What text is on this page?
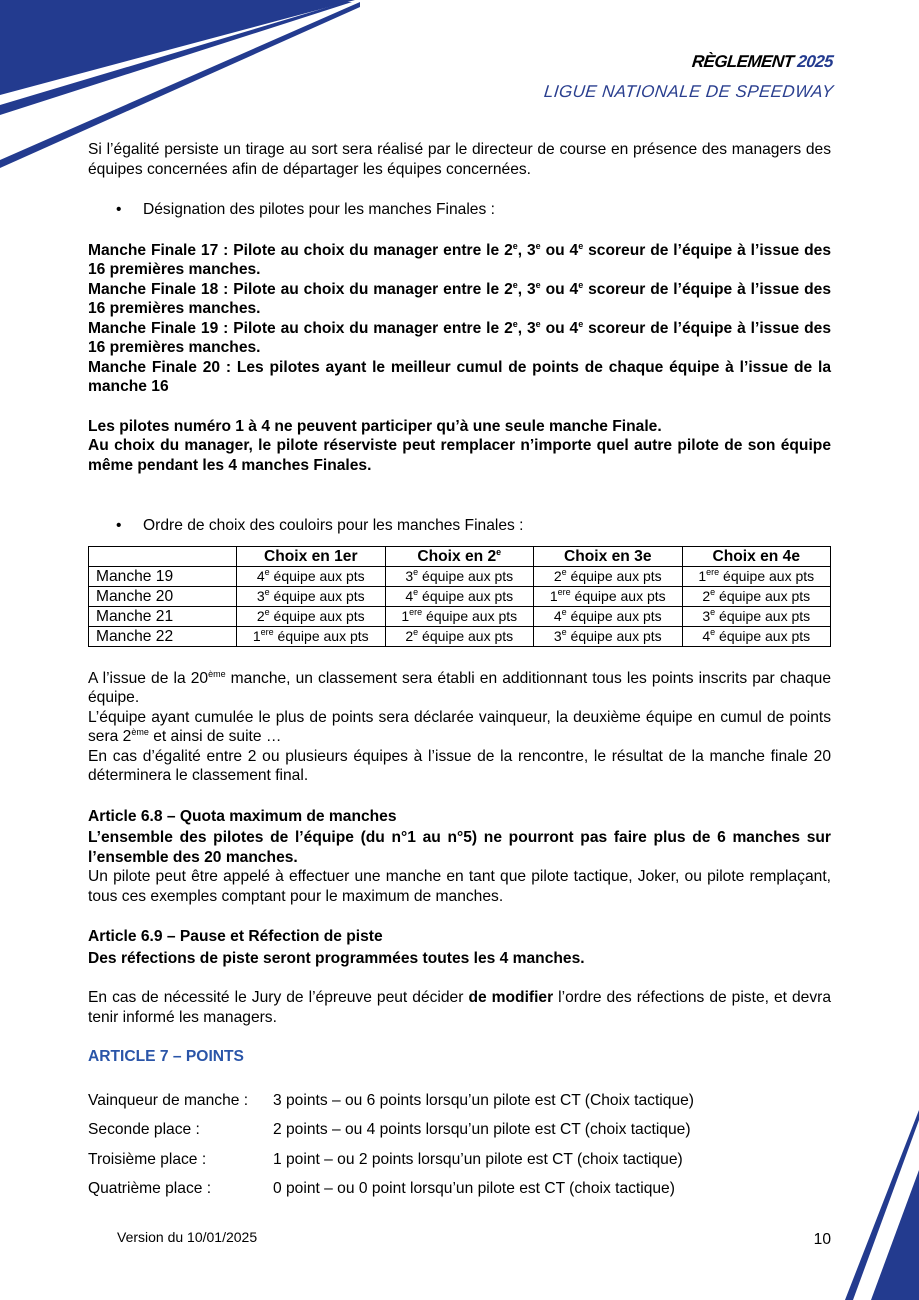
RÈGLEMENT 2025
LIGUE NATIONALE DE SPEEDWAY

Si l’égalité persiste un tirage au sort sera réalisé par le directeur de course en présence des managers des équipes concernées afin de départager les équipes concernées.

• Désignation des pilotes pour les manches Finales :

Manche Finale 17 : Pilote au choix du manager entre le 2e, 3e ou 4e scoreur de l’équipe à l’issue des 16 premières manches.

Manche Finale 18 : Pilote au choix du manager entre le 2e, 3e ou 4e scoreur de l’équipe à l’issue des 16 premières manches.

Manche Finale 19 : Pilote au choix du manager entre le 2e, 3e ou 4e scoreur de l’équipe à l’issue des 16 premières manches.

Manche Finale 20 : Les pilotes ayant le meilleur cumul de points de chaque équipe à l’issue de la manche 16

Les pilotes numéro 1 à 4 ne peuvent participer qu’à une seule manche Finale.

Au choix du manager, le pilote réserviste peut remplacer n’importe quel autre pilote de son équipe même pendant les 4 manches Finales.

• Ordre de choix des couloirs pour les manches Finales :

	Choix en 1er	Choix en 2e	Choix en 3e	Choix en 4e
Manche 19	4e équipe aux pts	3e équipe aux pts	2e équipe aux pts	1ere équipe aux pts
Manche 20	3e équipe aux pts	4e équipe aux pts	1ere équipe aux pts	2e équipe aux pts
Manche 21	2e équipe aux pts	1ere équipe aux pts	4e équipe aux pts	3e équipe aux pts
Manche 22	1ere équipe aux pts	2e équipe aux pts	3e équipe aux pts	4e équipe aux pts

A l’issue de la 20ème manche, un classement sera établi en additionnant tous les points inscrits par chaque équipe.

L’équipe ayant cumulée le plus de points sera déclarée vainqueur, la deuxième équipe en cumul de points sera 2ème et ainsi de suite …

En cas d’égalité entre 2 ou plusieurs équipes à l’issue de la rencontre, le résultat de la manche finale 20 déterminera le classement final.

Article 6.8 – Quota maximum de manches

L’ensemble des pilotes de l’équipe (du n°1 au n°5) ne pourront pas faire plus de 6 manches sur l’ensemble des 20 manches.

Un pilote peut être appelé à effectuer une manche en tant que pilote tactique, Joker, ou pilote remplaçant, tous ces exemples comptant pour le maximum de manches.

Article 6.9 – Pause et Réfection de piste

Des réfections de piste seront programmées toutes les 4 manches.

En cas de nécessité le Jury de l’épreuve peut décider de modifier l’ordre des réfections de piste, et devra tenir informé les managers.

ARTICLE 7 – POINTS

Vainqueur de manche :	3 points – ou 6 points lorsqu’un pilote est CT (Choix tactique)
Seconde place :	2 points – ou 4 points lorsqu’un pilote est CT (choix tactique)
Troisième place :	1 point – ou 2 points lorsqu’un pilote est CT (choix tactique)
Quatrième place :	0 point – ou 0 point lorsqu’un pilote est CT (choix tactique)
Version du 10/01/2025	10
